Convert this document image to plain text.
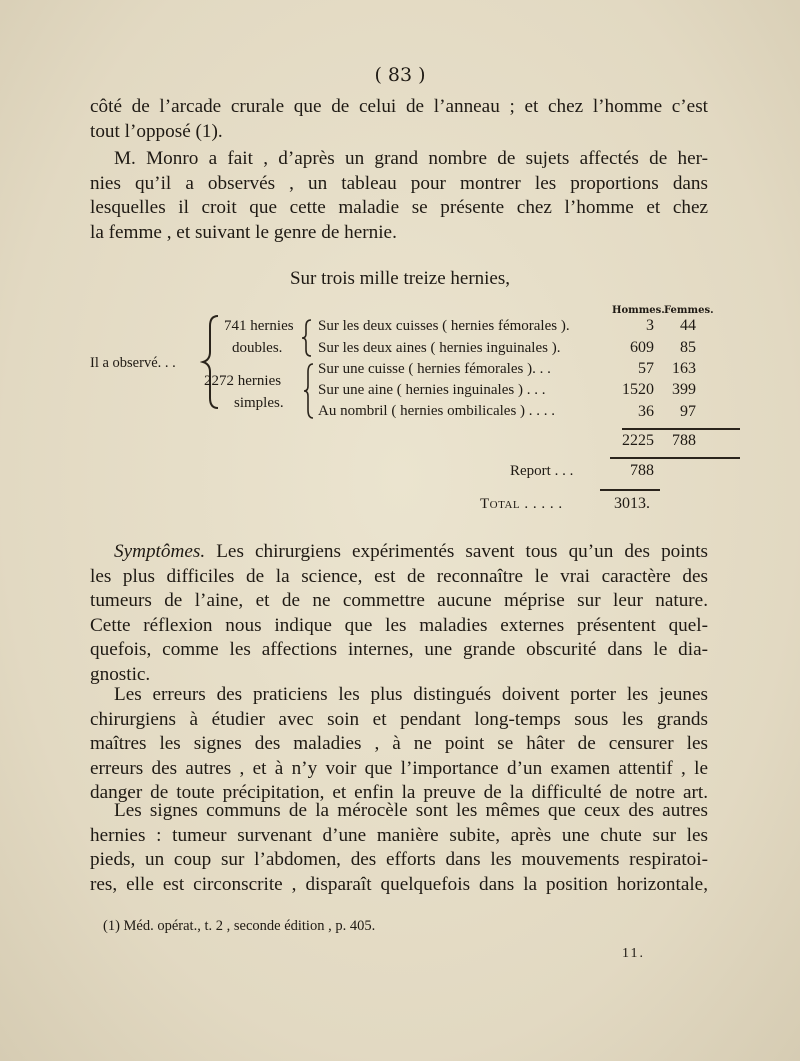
( 83 )
côté de l’arcade crurale que de celui de l’anneau ; et chez l’homme c’est
tout l’opposé (1).
M. Monro a fait , d’après un grand nombre de sujets affectés de her-
nies qu’il a observés , un tableau pour montrer les proportions dans
lesquelles il croit que cette maladie se présente chez l’homme et chez
la femme , et suivant le genre de hernie.
Sur trois mille treize hernies,
Hommes. Femmes.
Il a observé. . .
741 hernies
doubles.
2272 hernies
simples.
Sur les deux cuisses ( hernies fémorales ).	3	44
Sur les deux aines ( hernies inguinales ).	609	85
Sur une cuisse ( hernies fémorales ). . .	57	163
Sur une aine ( hernies inguinales ) . . .	1520	399
Au nombril ( hernies ombilicales ) . . . .	36	97
2225	788
Report . . .	788
Total . . . . .	3013.
Symptômes. Les chirurgiens expérimentés savent tous qu’un des points
les plus difficiles de la science, est de reconnaître le vrai caractère des
tumeurs de l’aine, et de ne commettre aucune méprise sur leur nature.
Cette réflexion nous indique que les maladies externes présentent quel-
quefois, comme les affections internes, une grande obscurité dans le dia-
gnostic.
Les erreurs des praticiens les plus distingués doivent porter les jeunes
chirurgiens à étudier avec soin et pendant long-temps sous les grands
maîtres les signes des maladies , à ne point se hâter de censurer les
erreurs des autres , et à n’y voir que l’importance d’un examen attentif , le
danger de toute précipitation, et enfin la preuve de la difficulté de notre art.
Les signes communs de la mérocèle sont les mêmes que ceux des autres
hernies : tumeur survenant d’une manière subite, après une chute sur les
pieds, un coup sur l’abdomen, des efforts dans les mouvements respiratoi-
res, elle est circonscrite , disparaît quelquefois dans la position horizontale,
(1) Méd. opérat., t. 2 , seconde édition , p. 405.
11.
